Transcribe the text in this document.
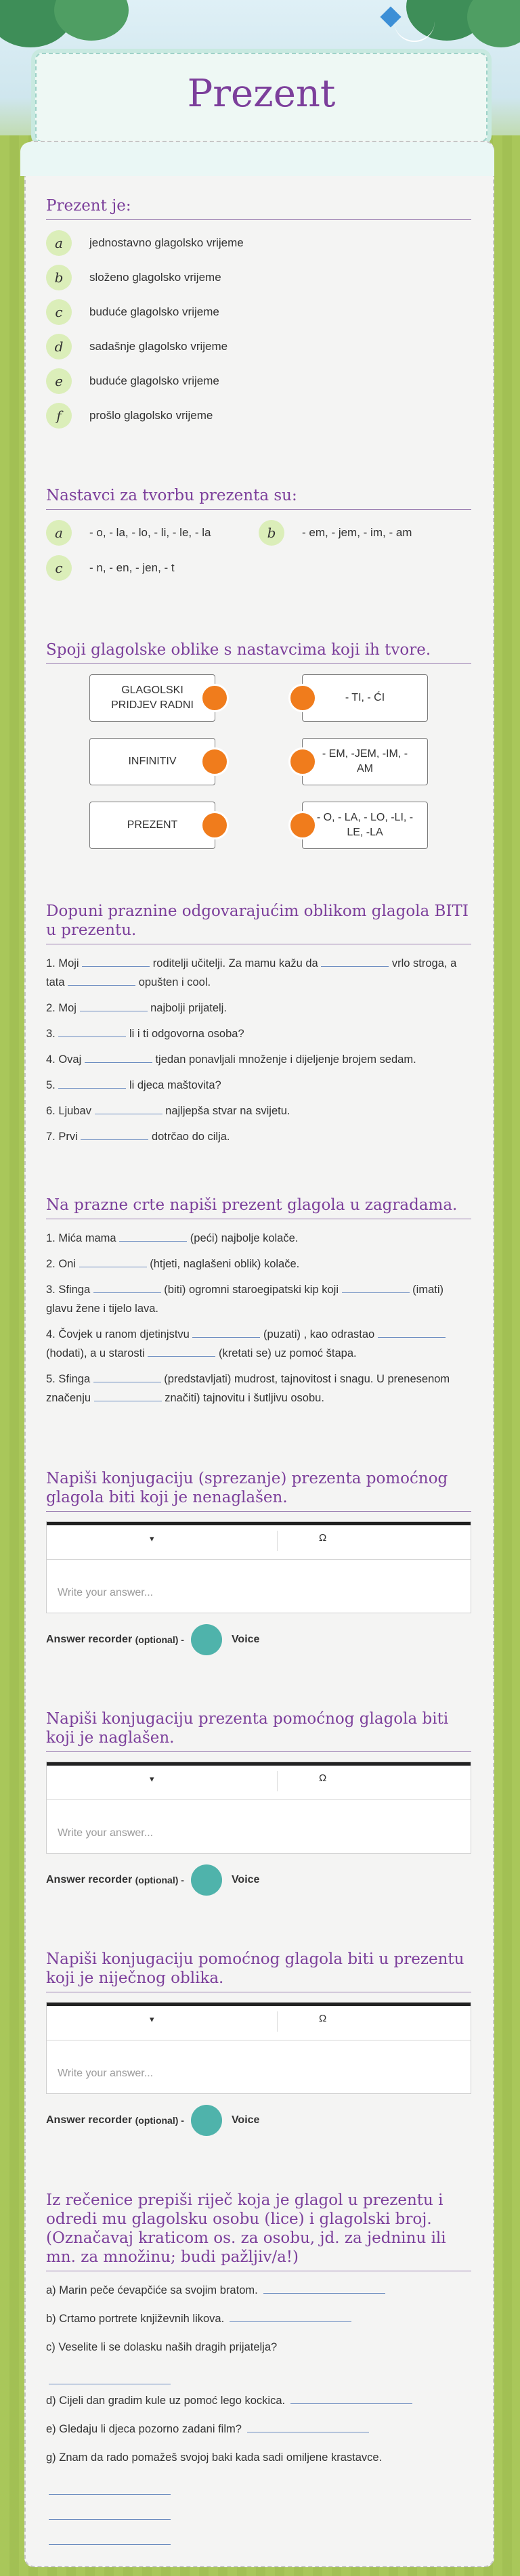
Prezent
Prezent je:
a	jednostavno glagolsko vrijeme
b	složeno glagolsko vrijeme
c	buduće glagolsko vrijeme
d	sadašnje glagolsko vrijeme
e	buduće glagolsko vrijeme
f	prošlo glagolsko vrijeme
Nastavci za tvorbu prezenta su:
a	- o, - la, - lo, - li, - le, - la	b	- em, - jem, - im, - am
c	- n, - en, - jen, - t
Spoji glagolske oblike s nastavcima koji ih tvore.
GLAGOLSKI PRIDJEV RADNI
INFINITIV
PREZENT
- TI, - ĆI
- EM, -JEM, -IM, - AM
- O, - LA, - LO, -LI, -LE, -LA
Dopuni praznine odgovarajućim oblikom glagola BITI u prezentu.

1. Moji	roditelji učitelji. Za mamu kažu da	vrlo stroga, a tata	opušten i cool.

2. Moj	najbolji prijatelj.

3.	li i ti odgovorna osoba?

4. Ovaj	tjedan ponavljali množenje i dijeljenje brojem sedam.

5.	li djeca maštovita?

6. Ljubav	najljepša stvar na svijetu.

7. Prvi	dotrčao do cilja.

Na prazne crte napiši prezent glagola u zagradama.

1. Mića mama	(peći) najbolje kolače.

2. Oni	(htjeti, naglašeni oblik) kolače.

3. Sfinga	(biti) ogromni staroegipatski kip koji	(imati) glavu žene i tijelo lava.

4. Čovjek u ranom djetinjstvu	(puzati) , kao odrastao  (hodati), a u starosti	(kretati se) uz pomoć štapa.

5. Sfinga	(predstavljati) mudrost, tajnovitost i snagu. U prenesenom značenju	značiti) tajnovitu i šutljivu osobu.

Napiši konjugaciju (sprezanje) prezenta pomoćnog glagola biti koji je nenaglašen.
▾	Ω
Write your answer...
Answer recorder
(optional) -	Voice
Napiši konjugaciju prezenta pomoćnog glagola biti koji je naglašen.
▾	Ω
Write your answer...
Answer recorder
(optional) -	Voice
Napiši konjugaciju pomoćnog glagola biti u prezentu koji je niječnog oblika.
▾	Ω
Write your answer...
Answer recorder
(optional) -	Voice
Iz rečenice prepiši riječ koja je glagol u prezentu i odredi mu glagolsku osobu (lice) i glagolski broj. (Označavaj kraticom os. za osobu, jd. za jedninu ili mn. za množinu; budi pažljiv/a!)

a) Marin peče ćevapčiće sa svojim bratom.

b) Crtamo portrete književnih likova.

c) Veselite li se dolasku naših dragih prijatelja?

d) Cijeli dan gradim kule uz pomoć lego kockica.

e) Gledaju li djeca pozorno zadani film?

g) Znam da rado pomažeš svojoj baki kada sadi omiljene krastavce.
